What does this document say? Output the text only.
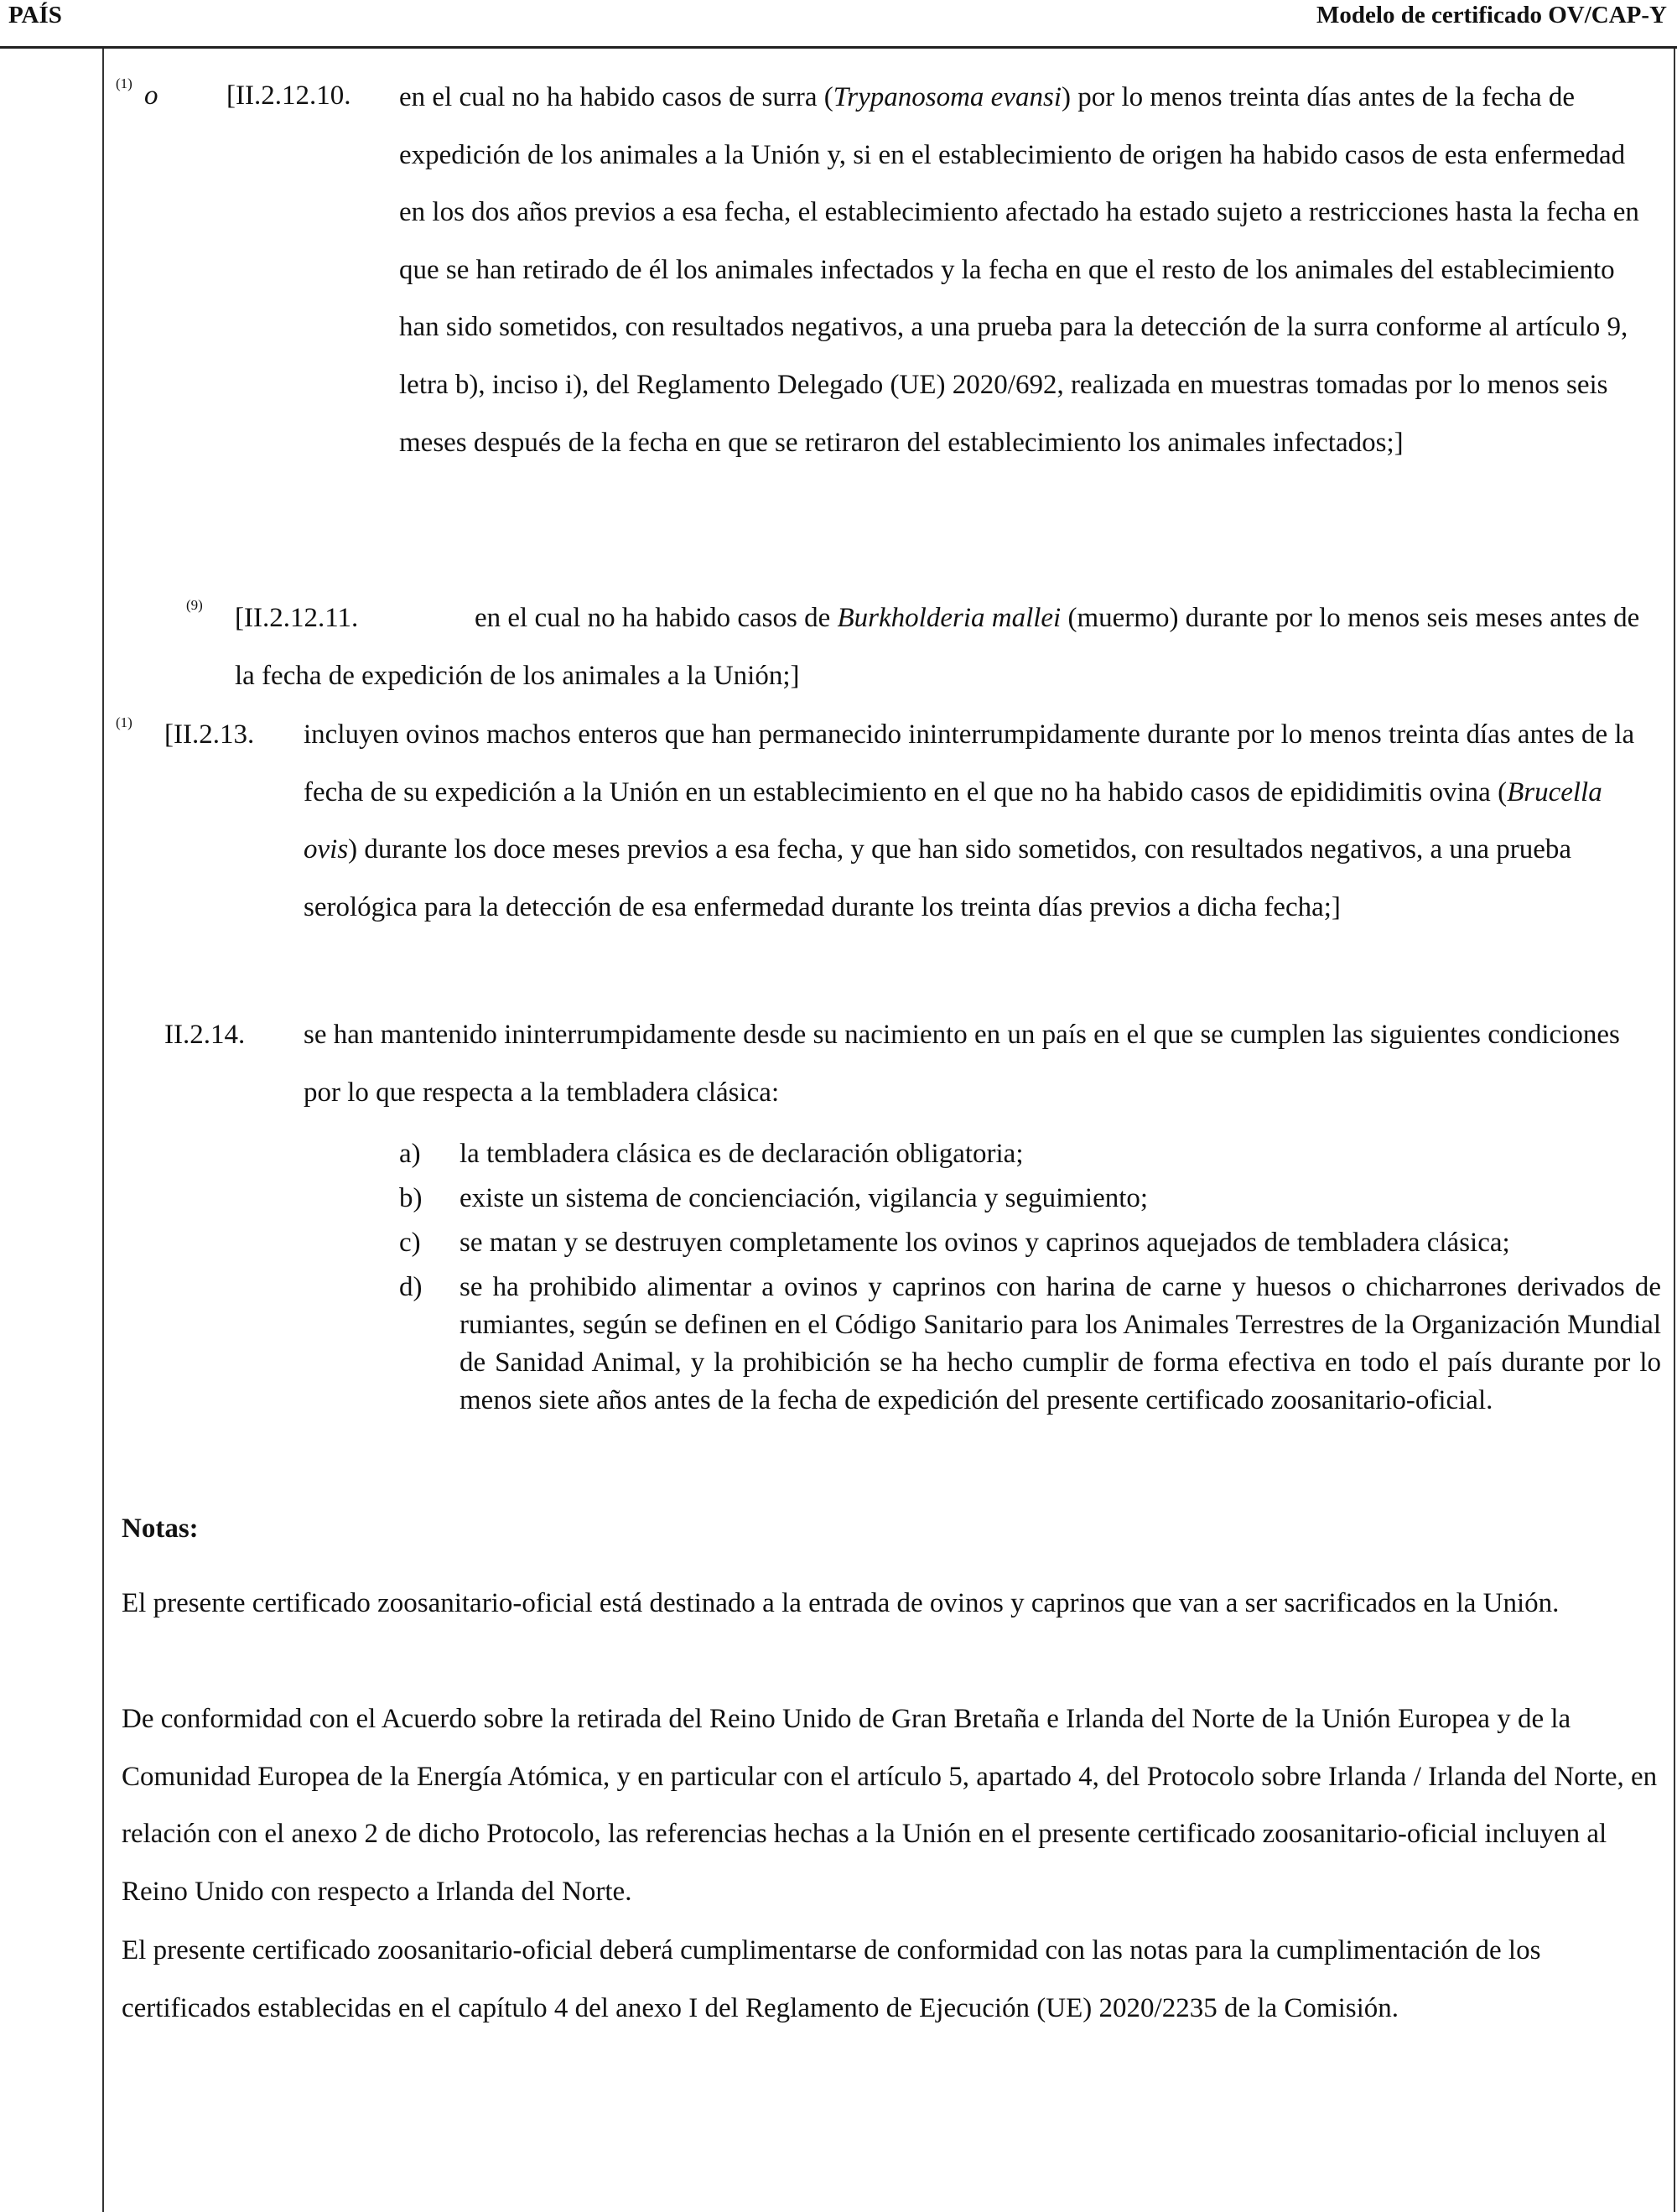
PAÍS	Modelo de certificado OV/CAP-Y
(1) o [II.2.12.10. en el cual no ha habido casos de surra (Trypanosoma evansi) por lo menos treinta días antes de la fecha de expedición de los animales a la Unión y, si en el establecimiento de origen ha habido casos de esta enfermedad en los dos años previos a esa fecha, el establecimiento afectado ha estado sujeto a restricciones hasta la fecha en que se han retirado de él los animales infectados y la fecha en que el resto de los animales del establecimiento han sido sometidos, con resultados negativos, a una prueba para la detección de la surra conforme al artículo 9, letra b), inciso i), del Reglamento Delegado (UE) 2020/692, realizada en muestras tomadas por lo menos seis meses después de la fecha en que se retiraron del establecimiento los animales infectados;]
(9) [II.2.12.11.	en el cual no ha habido casos de Burkholderia mallei (muermo) durante por lo menos seis meses antes de la fecha de expedición de los animales a la Unión;]
(1) [II.2.13. incluyen ovinos machos enteros que han permanecido ininterrumpidamente durante por lo menos treinta días antes de la fecha de su expedición a la Unión en un establecimiento en el que no ha habido casos de epididimitis ovina (Brucella ovis) durante los doce meses previos a esa fecha, y que han sido sometidos, con resultados negativos, a una prueba serológica para la detección de esa enfermedad durante los treinta días previos a dicha fecha;]
II.2.14. se han mantenido ininterrumpidamente desde su nacimiento en un país en el que se cumplen las siguientes condiciones por lo que respecta a la tembladera clásica:
a)	la tembladera clásica es de declaración obligatoria;
b)	existe un sistema de concienciación, vigilancia y seguimiento;
c)	se matan y se destruyen completamente los ovinos y caprinos aquejados de tembladera clásica;
d)	se ha prohibido alimentar a ovinos y caprinos con harina de carne y huesos o chicharrones derivados de rumiantes, según se definen en el Código Sanitario para los Animales Terrestres de la Organización Mundial de Sanidad Animal, y la prohibición se ha hecho cumplir de forma efectiva en todo el país durante por lo menos siete años antes de la fecha de expedición del presente certificado zoosanitario-oficial.
Notas:
El presente certificado zoosanitario-oficial está destinado a la entrada de ovinos y caprinos que van a ser sacrificados en la Unión.
De conformidad con el Acuerdo sobre la retirada del Reino Unido de Gran Bretaña e Irlanda del Norte de la Unión Europea y de la Comunidad Europea de la Energía Atómica, y en particular con el artículo 5, apartado 4, del Protocolo sobre Irlanda / Irlanda del Norte, en relación con el anexo 2 de dicho Protocolo, las referencias hechas a la Unión en el presente certificado zoosanitario-oficial incluyen al Reino Unido con respecto a Irlanda del Norte.
El presente certificado zoosanitario-oficial deberá cumplimentarse de conformidad con las notas para la cumplimentación de los certificados establecidas en el capítulo 4 del anexo I del Reglamento de Ejecución (UE) 2020/2235 de la Comisión.
